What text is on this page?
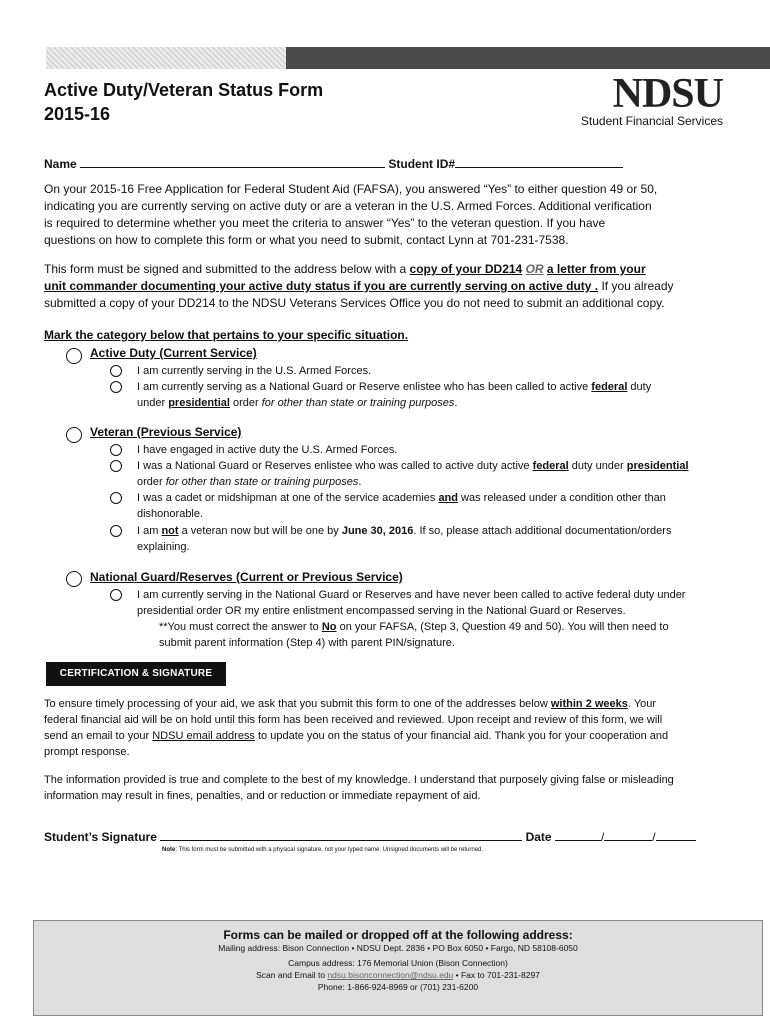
Active Duty/Veteran Status Form
2015-16	NDSU
Student Financial Services
Name	Student ID#
On your 2015-16 Free Application for Federal Student Aid (FAFSA), you answered “Yes” to either question 49 or 50,
indicating you are currently serving on active duty or are a veteran in the U.S. Armed Forces. Additional verification
is required to determine whether you meet the criteria to answer “Yes” to the veteran question. If you have
questions on how to complete this form or what you need to submit, contact Lynn at 701-231-7538.
This form must be signed and submitted to the address below with a copy of your DD214 OR a letter from your
unit commander documenting your active duty status if you are currently serving on active duty . If you already
submitted a copy of your DD214 to the NDSU Veterans Services Office you do not need to submit an additional copy.
Mark the category below that pertains to your specific situation.
Active Duty (Current Service)
I am currently serving in the U.S. Armed Forces.
I am currently serving as a National Guard or Reserve enlistee who has been called to active federal duty
under presidential order for other than state or training purposes.
Veteran (Previous Service)
I have engaged in active duty the U.S. Armed Forces.
I was a National Guard or Reserves enlistee who was called to active duty active federal duty under presidential
order for other than state or training purposes.
I was a cadet or midshipman at one of the service academies and was released under a condition other than
dishonorable.
I am not a veteran now but will be one by June 30, 2016. If so, please attach additional documentation/orders
explaining.
National Guard/Reserves (Current or Previous Service)
I am currently serving in the National Guard or Reserves and have never been called to active federal duty under
presidential order OR my entire enlistment encompassed serving in the National Guard or Reserves.
**You must correct the answer to No on your FAFSA, (Step 3, Question 49 and 50). You will then need to
submit parent information (Step 4) with parent PIN/signature.
CERTIFICATION & SIGNATURE
To ensure timely processing of your aid, we ask that you submit this form to one of the addresses below within 2 weeks. Your
federal financial aid will be on hold until this form has been received and reviewed. Upon receipt and review of this form, we will
send an email to your NDSU email address to update you on the status of your financial aid. Thank you for your cooperation and
prompt response.
The information provided is true and complete to the best of my knowledge. I understand that purposely giving false or misleading
information may result in fines, penalties, and or reduction or immediate repayment of aid.
Student’s Signature	Date	/	/
Note: This form must be submitted with a physical signature, not your typed name. Unsigned documents will be returned.
Forms can be mailed or dropped off at the following address:
Mailing address: Bison Connection • NDSU Dept. 2836 • PO Box 6050 • Fargo, ND 58108-6050
Campus address: 176 Memorial Union (Bison Connection)
Scan and Email to ndsu.bisonconnection@ndsu.edu • Fax to 701-231-8297
Phone: 1-866-924-8969 or (701) 231-6200
